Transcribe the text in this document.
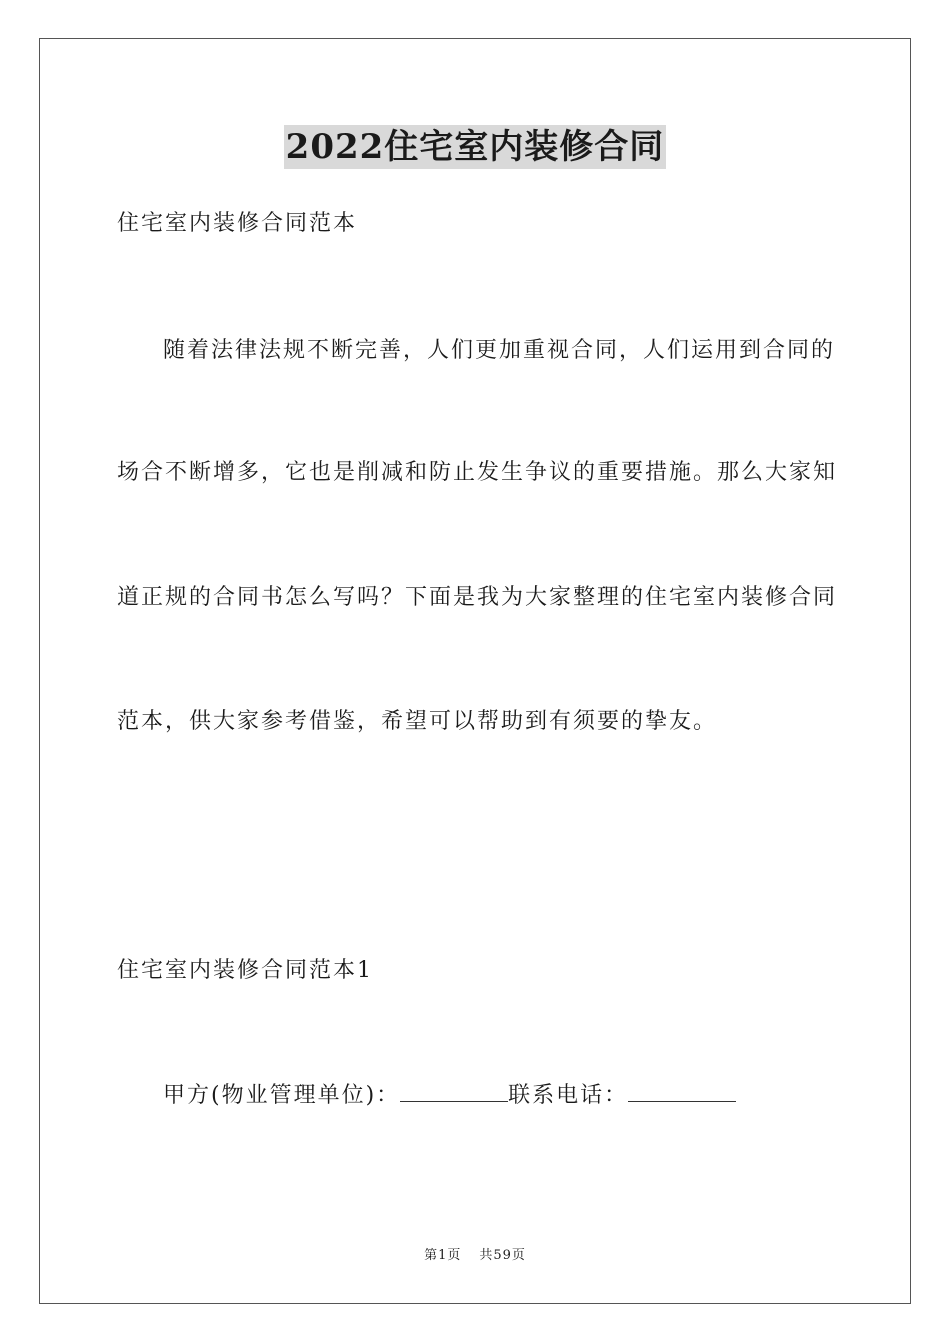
2022住宅室内装修合同
住宅室内装修合同范本
随着法律法规不断完善，人们更加重视合同，人们运用到合同的
场合不断增多，它也是削减和防止发生争议的重要措施。那么大家知
道正规的合同书怎么写吗？下面是我为大家整理的住宅室内装修合同
范本，供大家参考借鉴，希望可以帮助到有须要的挚友。
住宅室内装修合同范本1
甲方(物业管理单位)：	联系电话：
第1页 共59页
